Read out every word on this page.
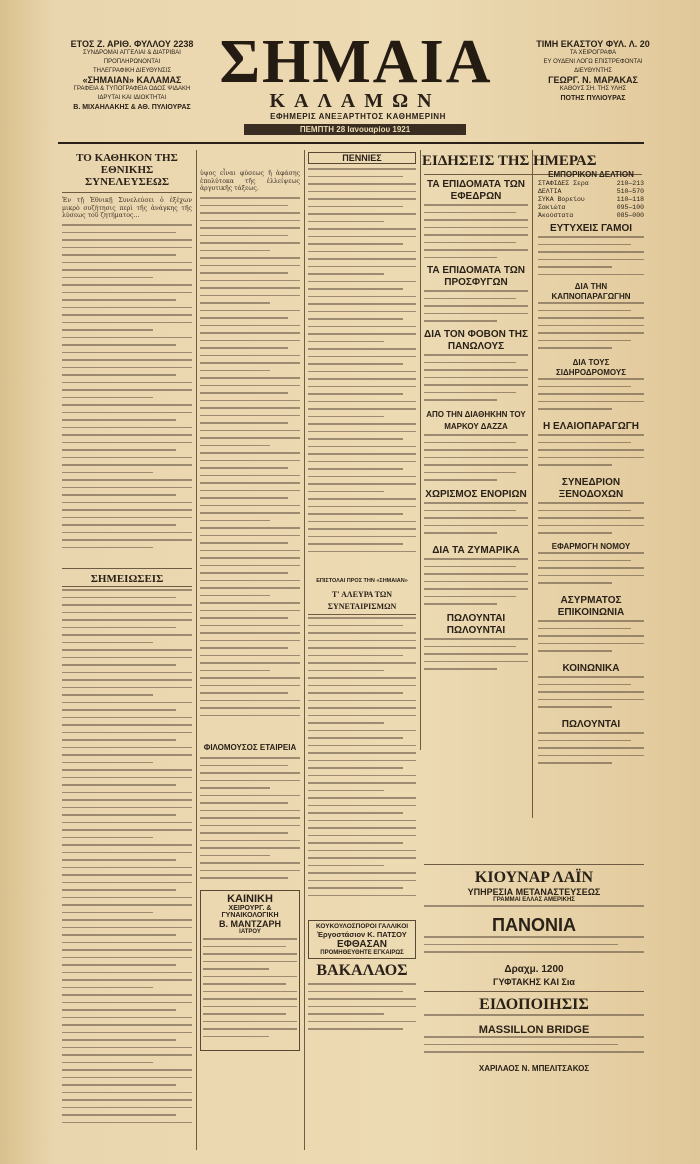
ΕΤΟΣ Ζ. ΑΡΙΘ. ΦΥΛΛΟΥ 2238
ΣΥΝΔΡΟΜΑΙ ΑΓΓΕΛΙΑΙ & ΔΙΑΤΡΙΒΑΙ ΠΡΟΠΛΗΡΩΝΟΝΤΑΙ
ΤΗΛΕΓΡΑΦΙΚΗ ΔΙΕΥΘΥΝΣΙΣ
«ΣΗΜΑΙΑΝ» ΚΑΛΑΜΑΣ
ΓΡΑΦΕΙΑ & ΤΥΠΟΓΡΑΦΕΙΑ ΟΔΟΣ ΨΙΔΑΚΗ
ΙΔΡΥΤΑΙ ΚΑΙ ΙΔΙΟΚΤΗΤΑΙ
Β. ΜΙΧΑΗΛΑΚΗΣ & ΑΘ. ΠΥΛΙΟΥΡΑΣ
ΣΗΜΑΙΑ
ΚΑΛΑΜΩΝ
ΕΦΗΜΕΡΙΣ ΑΝΕΞΑΡΤΗΤΟΣ ΚΑΘΗΜΕΡΙΝΗ
ΠΕΜΠΤΗ 28 Ιανουαρίου 1921
ΤΙΜΗ ΕΚΑΣΤΟΥ ΦΥΛ. Λ. 20
ΤΑ ΧΕΙΡΟΓΡΑΦΑ
ΕΥ ΟΥΔΕΝΙ ΛΟΓΩ ΕΠΙΣΤΡΕΦΟΝΤΑΙ
ΔΙΕΥΘΥΝΤΗΣ
ΓΕΩΡΓ. Ν. ΜΑΡΑΚΑΣ
ΚΑΘΟΥΣ ΣΗ. ΤΗΣ ΥΛΗΣ
ΠΟΤΗΣ ΠΥΛΙΟΥΡΑΣ
ΤΟ ΚΑΘΗΚΟΝ ΤΗΣ ΕΘΝΙΚΗΣ ΣΥΝΕΛΕΥΣΕΩΣ
Ἐν τῇ Ἐθνικῇ Συνελεύσει ὁ ἐξέχων μικρὸ συζήτησις περὶ τῆς ἀνάγκης τῆς λύσεως τοῦ ζητήματος…
ΣΗΜΕΙΩΣΕΙΣ
ὑψος εἶναι φύσεως ἢ ἀφάσης ἐπολύτοκα τῆς ἐλλείψεως ἀργυτικῆς τάξεως.
ΦΙΛΟΜΟΥΣΟΣ ΕΤΑΙΡΕΙΑ
ΚΑΙΝΙΚΗ
ΧΕΙΡΟΥΡΓ. & ΓΥΝΑΙΚΟΛΟΓΙΚΗ
Β. ΜΑΝΤΖΑΡΗ
ΙΑΤΡΟΥ
ΠΕΝΝΙΕΣ
ΕΠΙΣΤΟΛΑΙ ΠΡΟΣ ΤΗΝ «ΣΗΜΑΙΑΝ»
Τ' ΑΛΕΥΡΑ ΤΩΝ ΣΥΝΕΤΑΙΡΙΣΜΩΝ
ΚΟΥΚΟΥΛΟΣΠΟΡΟΙ ΓΑΛΛΙΚΟΙ
Ἐργοστάσιον Κ. ΠΑΤΣΟΥ
ΕΦΘΑΣΑΝ
ΠΡΟΜΗΘΕΥΘΗΤΕ ΕΓΚΑΙΡΩΣ
ΒΑΚΑΛΑΟΣ
ΕΙΔΗΣΕΙΣ ΤΗΣ ΗΜΕΡΑΣ
ΤΑ ΕΠΙΔΟΜΑΤΑ ΤΩΝ ΕΦΕΔΡΩΝ
ΤΑ ΕΠΙΔΟΜΑΤΑ ΤΩΝ ΠΡΟΣΦΥΓΩΝ
ΔΙΑ ΤΟΝ ΦΟΒΟΝ ΤΗΣ ΠΑΝΩΛΟΥΣ
ΑΠΟ ΤΗΝ ΔΙΑΘΗΚΗΝ ΤΟΥ ΜΑΡΚΟΥ ΔΑΖΖΑ
ΧΩΡΙΣΜΟΣ ΕΝΟΡΙΩΝ
ΔΙΑ ΤΑ ΖΥΜΑΡΙΚΑ
ΠΩΛΟΥΝΤΑΙ ΠΩΛΟΥΝΤΑΙ
ΕΜΠΟΡΙΚΟΝ ΔΕΛΤΙΟΝ
ΣΤΑΦΙΔΕΣ Σερα	210—213
ΔΕΛΤΙΑ	510—570
ΣΥΚΑ Βορείου	110—118
Σακιώτα	095—100
Ἀκούστατα	085—000
ΕΥΤΥΧΕΙΣ ΓΑΜΟΙ
ΔΙΑ ΤΗΝ ΚΑΠΝΟΠΑΡΑΓΩΓΗΝ
ΔΙΑ ΤΟΥΣ ΣΙΔΗΡΟΔΡΟΜΟΥΣ
Η ΕΛΑΙΟΠΑΡΑΓΩΓΗ
ΣΥΝΕΔΡΙΟΝ ΞΕΝΟΔΟΧΩΝ
ΕΦΑΡΜΟΓΗ ΝΟΜΟΥ
ΑΣΥΡΜΑΤΟΣ ΕΠΙΚΟΙΝΩΝΙΑ
ΚΟΙΝΩΝΙΚΑ
ΠΩΛΟΥΝΤΑΙ
ΚΙΟΥΝΑΡ ΛΑΪΝ
ΥΠΗΡΕΣΙΑ ΜΕΤΑΝΑΣΤΕΥΣΕΩΣ
ΓΡΑΜΜΑΙ ΕΛΛΑΣ ΑΜΕΡΙΚΗΣ
ΠΑΝΟΝΙΑ
Δραχμ. 1200
ΓΥΦΤΑΚΗΣ ΚΑΙ Σια
ΕΙΔΟΠΟΙΗΣΙΣ
MASSILLON BRIDGE
ΧΑΡΙΛΑΟΣ Ν. ΜΠΕΛΙΤΣΑΚΟΣ
